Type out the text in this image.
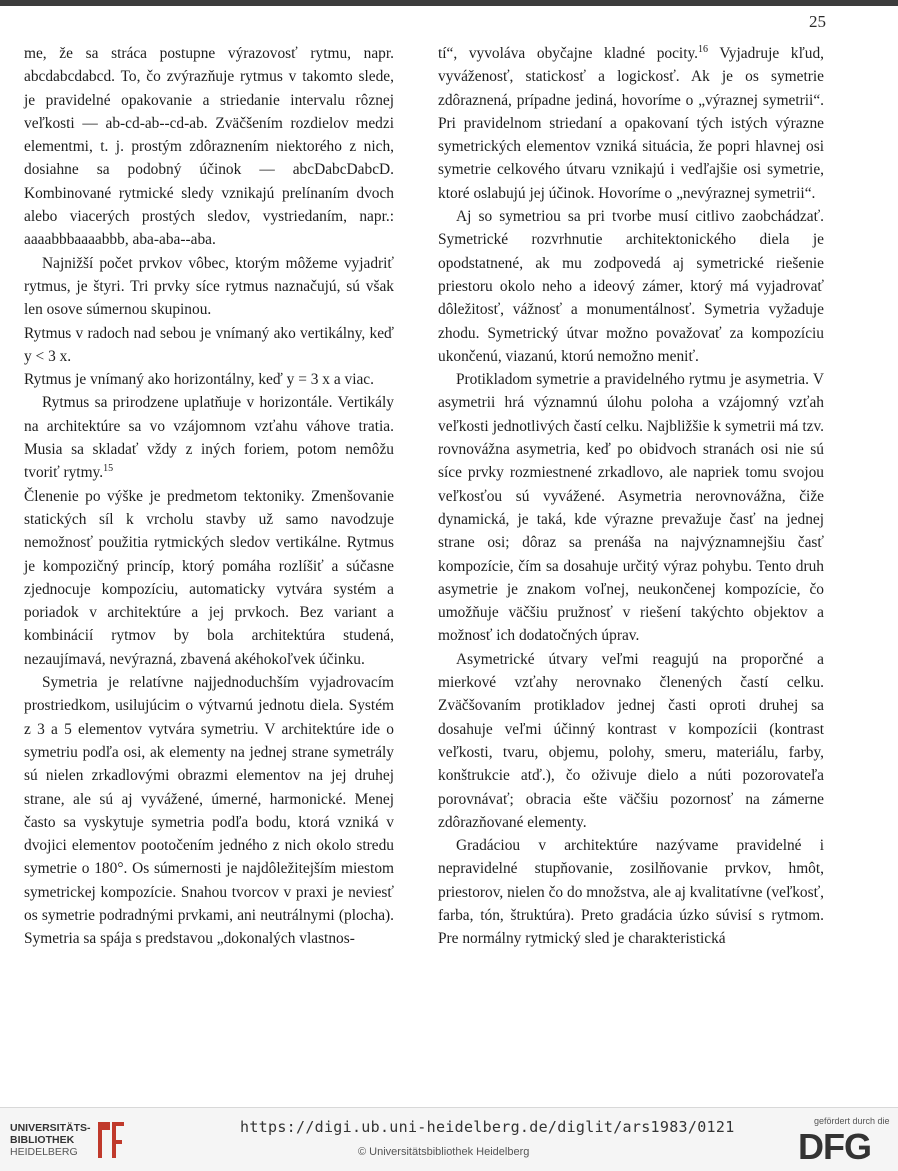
25

me, že sa stráca postupne výrazovosť rytmu, napr. abcdabcdabcd. To, čo zvýrazňuje rytmus v takomto slede, je pravidelné opakovanie a striedanie intervalu rôznej veľkosti — ab-cd-ab--cd-ab. Zväčšením rozdielov medzi elementmi, t. j. prostým zdôraznením niektorého z nich, dosiahne sa podobný účinok — abcDabcDabcD. Kombinované rytmické sledy vznikajú prelínaním dvoch alebo viacerých prostých sledov, vystriedaním, napr.: aaaabbbaaaabbb, aba-aba--aba.

Najnižší počet prvkov vôbec, ktorým môžeme vyjadriť rytmus, je štyri. Tri prvky síce rytmus naznačujú, sú však len osove súmernou skupinou.

Rytmus v radoch nad sebou je vnímaný ako vertikálny, keď y < 3 x.

Rytmus je vnímaný ako horizontálny, keď y = 3 x a viac.

Rytmus sa prirodzene uplatňuje v horizontále. Vertikály na architektúre sa vo vzájomnom vzťahu váhove tratia. Musia sa skladať vždy z iných foriem, potom nemôžu tvoriť rytmy.$^{15}$

Členenie po výške je predmetom tektoniky. Zmenšovanie statických síl k vrcholu stavby už samo navodzuje nemožnosť použitia rytmických sledov vertikálne. Rytmus je kompozičný princíp, ktorý pomáha rozlíšiť a súčasne zjednocuje kompozíciu, automaticky vytvára systém a poriadok v architektúre a jej prvkoch. Bez variant a kombinácií rytmov by bola architektúra studená, nezaujímavá, nevýrazná, zbavená akéhokoľvek účinku.

Symetria je relatívne najjednoduchším vyjadrovacím prostriedkom, usilujúcim o výtvarnú jednotu diela. Systém z 3 a 5 elementov vytvára symetriu. V architektúre ide o symetriu podľa osi, ak elementy na jednej strane symetrály sú nielen zrkadlovými obrazmi elementov na jej druhej strane, ale sú aj vyvážené, úmerné, harmonické. Menej často sa vyskytuje symetria podľa bodu, ktorá vzniká v dvojici elementov pootočením jedného z nich okolo stredu symetrie o 180°. Os súmernosti je najdôležitejším miestom symetrickej kompozície. Snahou tvorcov v praxi je neviesť os symetrie podradnými prvkami, ani neutrálnymi (plocha). Symetria sa spája s predstavou „dokonalých vlastnos-

tí“, vyvoláva obyčajne kladné pocity.$^{16}$ Vyjadruje kľud, vyváženosť, statickosť a logickosť. Ak je os symetrie zdôraznená, prípadne jediná, hovoríme o „výraznej symetrii“. Pri pravidelnom striedaní a opakovaní tých istých výrazne symetrických elementov vzniká situácia, že popri hlavnej osi symetrie celkového útvaru vznikajú i vedľajšie osi symetrie, ktoré oslabujú jej účinok. Hovoríme o „nevýraznej symetrii“.

Aj so symetriou sa pri tvorbe musí citlivo zaobchádzať. Symetrické rozvrhnutie architektonického diela je opodstatnené, ak mu zodpovedá aj symetrické riešenie priestoru okolo neho a ideový zámer, ktorý má vyjadrovať dôležitosť, vážnosť a monumentálnosť. Symetria vyžaduje zhodu. Symetrický útvar možno považovať za kompozíciu ukončenú, viazanú, ktorú nemožno meniť.

Protikladom symetrie a pravidelného rytmu je asymetria. V asymetrii hrá významnú úlohu poloha a vzájomný vzťah veľkosti jednotlivých častí celku. Najbližšie k symetrii má tzv. rovnovážna asymetria, keď po obidvoch stranách osi nie sú síce prvky rozmiestnené zrkadlovo, ale napriek tomu svojou veľkosťou sú vyvážené. Asymetria nerovnovážna, čiže dynamická, je taká, kde výrazne prevažuje časť na jednej strane osi; dôraz sa prenáša na najvýznamnejšiu časť kompozície, čím sa dosahuje určitý výraz pohybu. Tento druh asymetrie je znakom voľnej, neukončenej kompozície, čo umožňuje väčšiu pružnosť v riešení takýchto objektov a možnosť ich dodatočných úprav.

Asymetrické útvary veľmi reagujú na proporčné a mierkové vzťahy nerovnako členených častí celku. Zväčšovaním protikladov jednej časti oproti druhej sa dosahuje veľmi účinný kontrast v kompozícii (kontrast veľkosti, tvaru, objemu, polohy, smeru, materiálu, farby, konštrukcie atď.), čo oživuje dielo a núti pozorovateľa porovnávať; obracia ešte väčšiu pozornosť na zámerne zdôrazňované elementy.

Gradáciou v architektúre nazývame pravidelné i nepravidelné stupňovanie, zosilňovanie prvkov, hmôt, priestorov, nielen čo do množstva, ale aj kvalitatívne (veľkosť, farba, tón, štruktúra). Preto gradácia úzko súvisí s rytmom. Pre normálny rytmický sled je charakteristická

UNIVERSITÄTS-
BIBLIOTHEK
HEIDELBERG
https://digi.ub.uni-heidelberg.de/diglit/ars1983/0121
© Universitätsbibliothek Heidelberg
gefördert durch die
DFG
